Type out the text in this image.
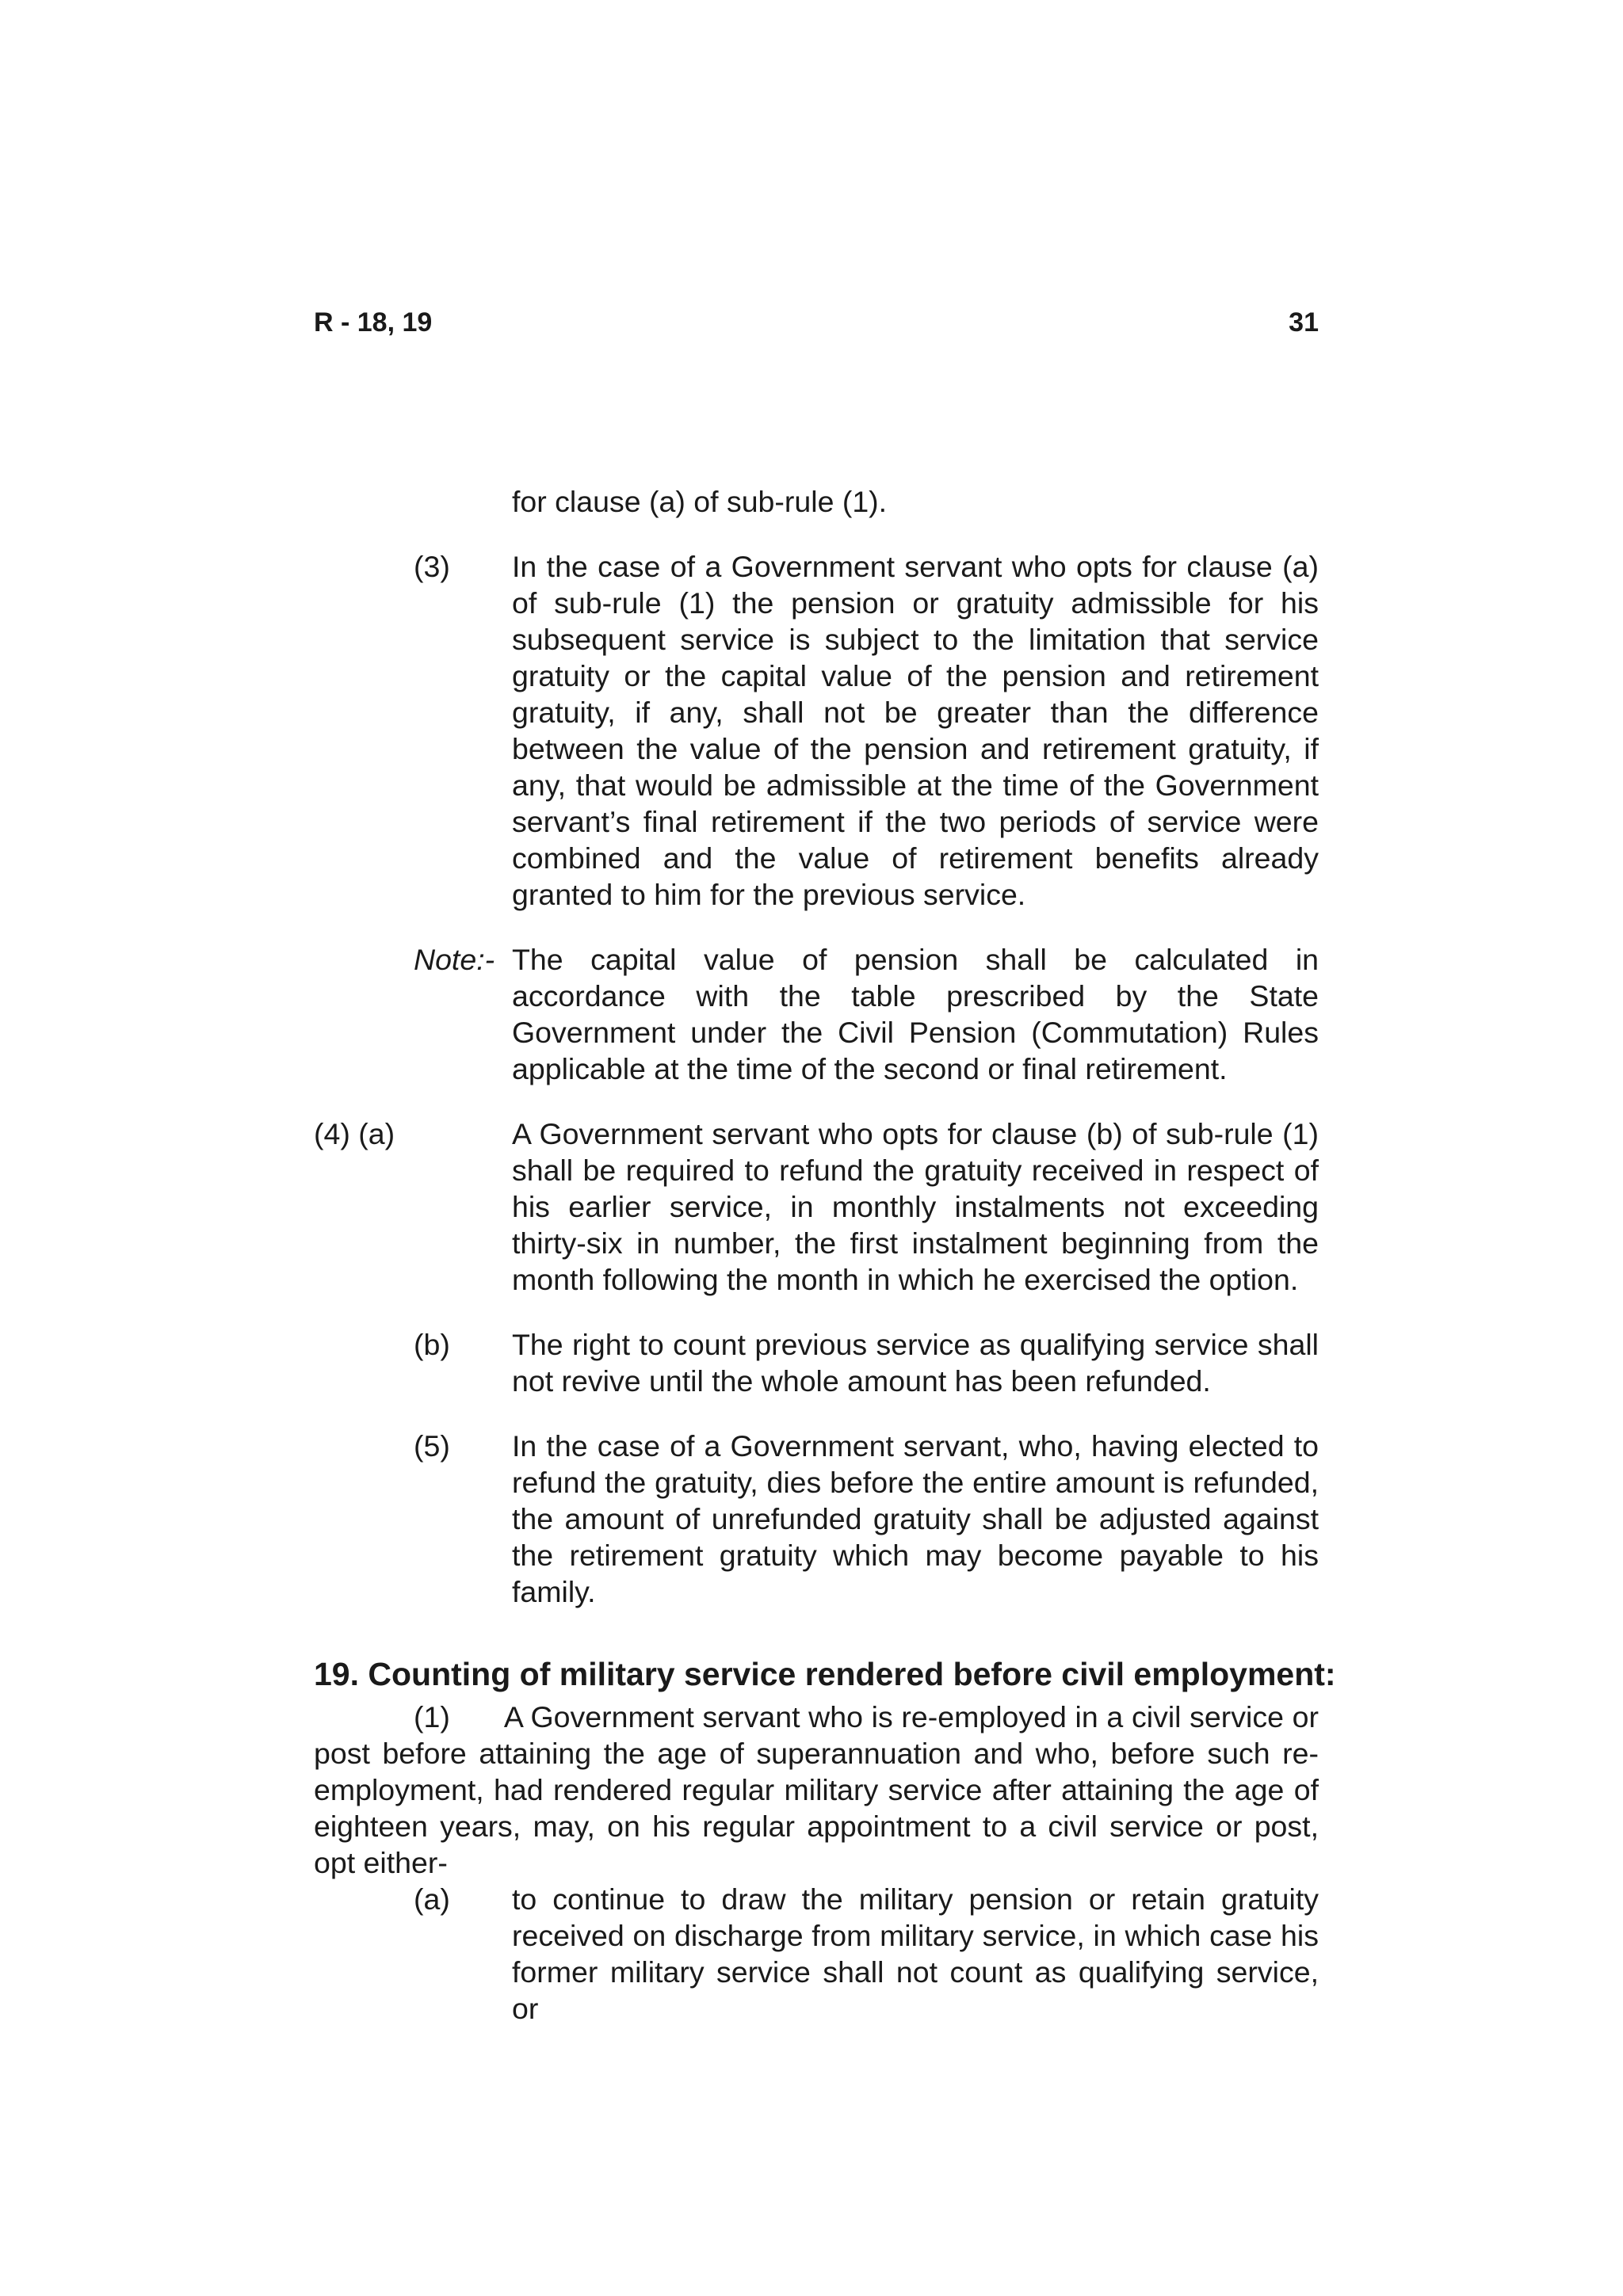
R - 18, 19	31
for clause (a) of sub-rule (1).
(3)	In the case of a Government servant who opts for clause (a) of sub-rule (1) the pension or gratuity admissible for his subsequent service is subject to the limitation that service gratuity or the capital value of the pension and retirement gratuity, if any, shall not be greater than the difference between the value of the pension and retirement gratuity, if any, that would be admissible at the time of the Government servant’s final retirement if the two periods of service were combined and the value of retirement benefits already granted to him for the previous service.
Note:- The capital value of pension shall be calculated in accordance with the table prescribed by the State Government under the Civil Pension (Commutation) Rules applicable at the time of the second or final retirement.
(4) (a)	A Government servant who opts for clause (b) of sub-rule (1) shall be required to refund the gratuity received in respect of his earlier service, in monthly instalments not exceeding thirty-six in number, the first instalment beginning from the month following the month in which he exercised the option.
(b)	The right to count previous service as qualifying service shall not revive until the whole amount has been refunded.
(5)	In the case of a Government servant, who, having elected to refund the gratuity, dies before the entire amount is refunded, the amount of unrefunded gratuity shall be adjusted against the retirement gratuity which may become payable to his family.
19. Counting of military service rendered before civil employment:

(1) A Government servant who is re-employed in a civil service or post before attaining the age of superannuation and who, before such re-employment, had rendered regular military service after attaining the age of eighteen years, may, on his regular appointment to a civil service or post, opt either-

(a)	to continue to draw the military pension or retain gratuity received on discharge from military service, in which case his former military service shall not count as qualifying service, or
